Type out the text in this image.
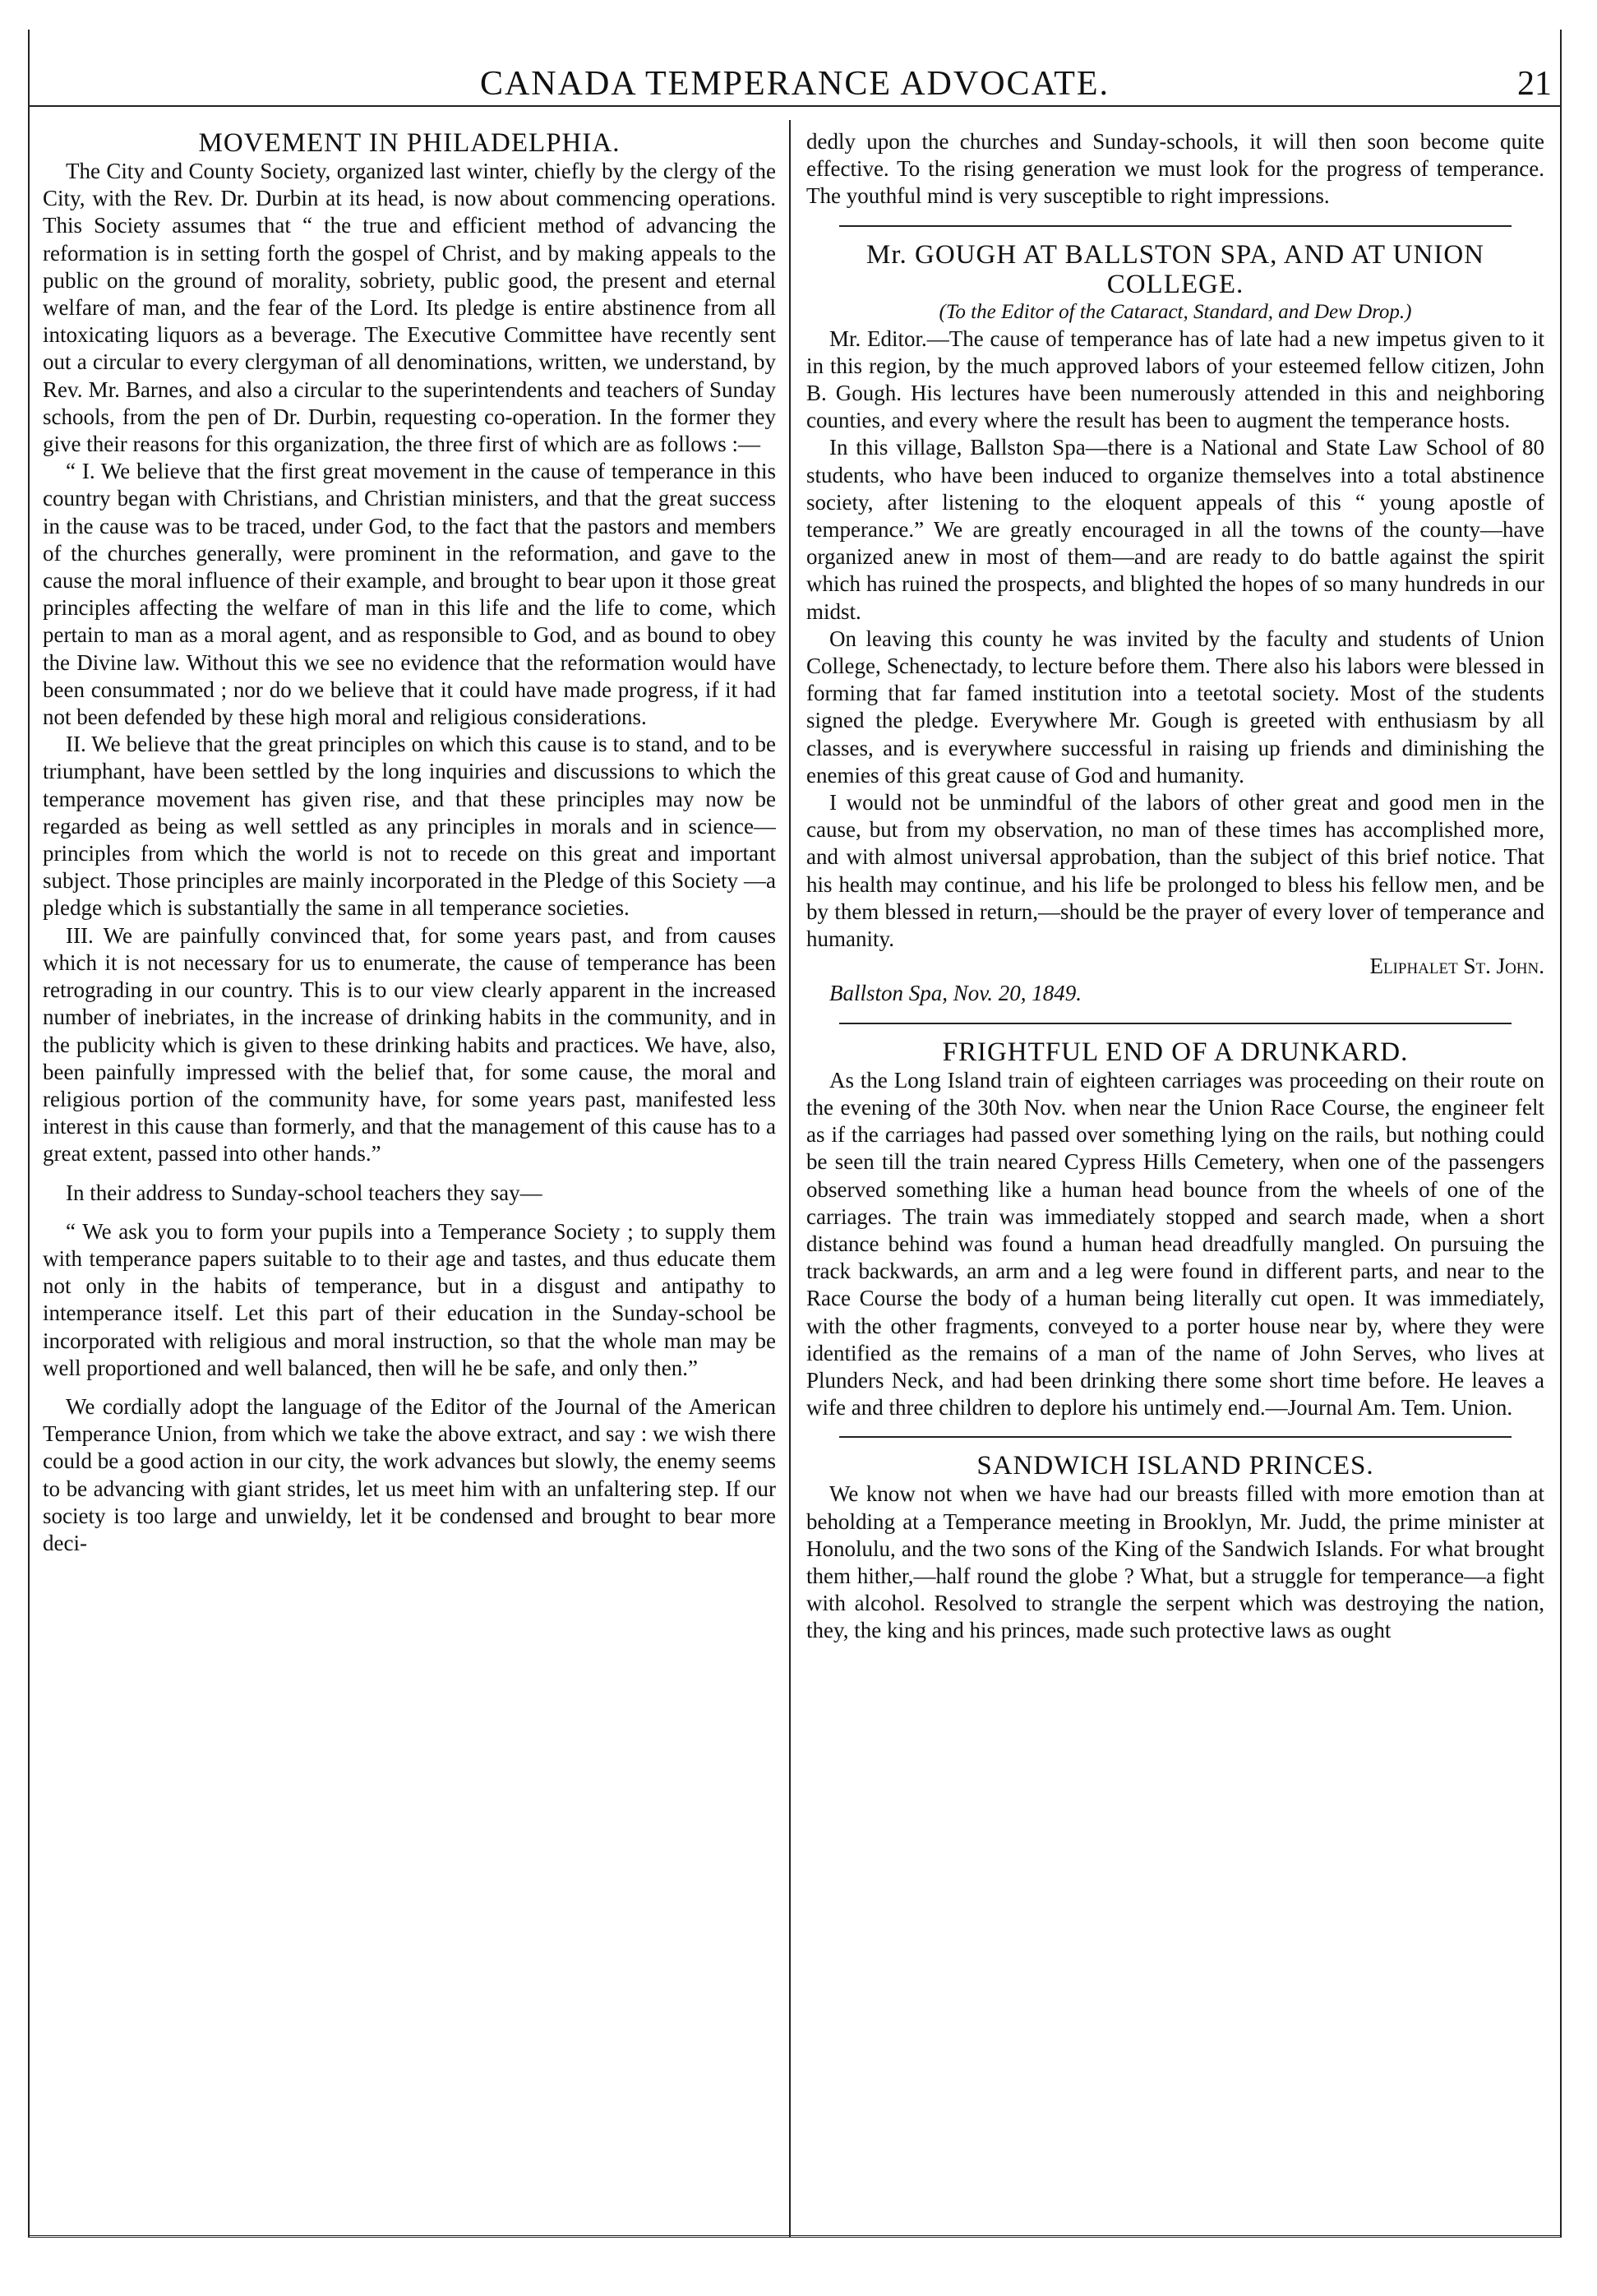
CANADA TEMPERANCE ADVOCATE.	21
MOVEMENT IN PHILADELPHIA.

The City and County Society, organized last winter, chiefly by the clergy of the City, with the Rev. Dr. Durbin at its head, is now about commencing operations. This Society assumes that “ the true and efficient method of advancing the reformation is in setting forth the gospel of Christ, and by making appeals to the public on the ground of morality, sobriety, public good, the present and eternal welfare of man, and the fear of the Lord. Its pledge is entire abstinence from all intoxicating liquors as a beverage. The Executive Committee have recently sent out a circular to every clergyman of all denominations, written, we understand, by Rev. Mr. Barnes, and also a circular to the superintendents and teachers of Sunday schools, from the pen of Dr. Durbin, requesting co-operation. In the former they give their reasons for this organization, the three first of which are as follows :—

“ I. We believe that the first great movement in the cause of temperance in this country began with Christians, and Christian ministers, and that the great success in the cause was to be traced, under God, to the fact that the pastors and members of the churches generally, were prominent in the reformation, and gave to the cause the moral influence of their example, and brought to bear upon it those great principles affecting the welfare of man in this life and the life to come, which pertain to man as a moral agent, and as responsible to God, and as bound to obey the Divine law. Without this we see no evidence that the reformation would have been consummated ; nor do we believe that it could have made progress, if it had not been defended by these high moral and religious considerations.

II. We believe that the great principles on which this cause is to stand, and to be triumphant, have been settled by the long inquiries and discussions to which the temperance movement has given rise, and that these principles may now be regarded as being as well settled as any principles in morals and in science—principles from which the world is not to recede on this great and important subject. Those principles are mainly incorporated in the Pledge of this Society —a pledge which is substantially the same in all temperance societies.

III. We are painfully convinced that, for some years past, and from causes which it is not necessary for us to enumerate, the cause of temperance has been retrograding in our country. This is to our view clearly apparent in the increased number of inebriates, in the increase of drinking habits in the community, and in the publicity which is given to these drinking habits and practices. We have, also, been painfully impressed with the belief that, for some cause, the moral and religious portion of the community have, for some years past, manifested less interest in this cause than formerly, and that the management of this cause has to a great extent, passed into other hands.”

In their address to Sunday-school teachers they say—

“ We ask you to form your pupils into a Temperance Society ; to supply them with temperance papers suitable to to their age and tastes, and thus educate them not only in the habits of temperance, but in a disgust and antipathy to intemperance itself. Let this part of their education in the Sunday-school be incorporated with religious and moral instruction, so that the whole man may be well proportioned and well balanced, then will he be safe, and only then.”

We cordially adopt the language of the Editor of the Journal of the American Temperance Union, from which we take the above extract, and say : we wish there could be a good action in our city, the work advances but slowly, the enemy seems to be advancing with giant strides, let us meet him with an unfaltering step. If our society is too large and unwieldy, let it be condensed and brought to bear more deci-

dedly upon the churches and Sunday-schools, it will then soon become quite effective. To the rising generation we must look for the progress of temperance. The youthful mind is very susceptible to right impressions.

Mr. GOUGH AT BALLSTON SPA, AND AT UNION COLLEGE.
(To the Editor of the Cataract, Standard, and Dew Drop.)

Mr. Editor.—The cause of temperance has of late had a new impetus given to it in this region, by the much approved labors of your esteemed fellow citizen, John B. Gough. His lectures have been numerously attended in this and neighboring counties, and every where the result has been to augment the temperance hosts.

In this village, Ballston Spa—there is a National and State Law School of 80 students, who have been induced to organize themselves into a total abstinence society, after listening to the eloquent appeals of this “ young apostle of temperance.” We are greatly encouraged in all the towns of the county—have organized anew in most of them—and are ready to do battle against the spirit which has ruined the prospects, and blighted the hopes of so many hundreds in our midst.

On leaving this county he was invited by the faculty and students of Union College, Schenectady, to lecture before them. There also his labors were blessed in forming that far famed institution into a teetotal society. Most of the students signed the pledge. Everywhere Mr. Gough is greeted with enthusiasm by all classes, and is everywhere successful in raising up friends and diminishing the enemies of this great cause of God and humanity.

I would not be unmindful of the labors of other great and good men in the cause, but from my observation, no man of these times has accomplished more, and with almost universal approbation, than the subject of this brief notice. That his health may continue, and his life be prolonged to bless his fellow men, and be by them blessed in return,—should be the prayer of every lover of temperance and humanity.

Eliphalet St. John.
Ballston Spa, Nov. 20, 1849.
FRIGHTFUL END OF A DRUNKARD.

As the Long Island train of eighteen carriages was proceeding on their route on the evening of the 30th Nov. when near the Union Race Course, the engineer felt as if the carriages had passed over something lying on the rails, but nothing could be seen till the train neared Cypress Hills Cemetery, when one of the passengers observed something like a human head bounce from the wheels of one of the carriages. The train was immediately stopped and search made, when a short distance behind was found a human head dreadfully mangled. On pursuing the track backwards, an arm and a leg were found in different parts, and near to the Race Course the body of a human being literally cut open. It was immediately, with the other fragments, conveyed to a porter house near by, where they were identified as the remains of a man of the name of John Serves, who lives at Plunders Neck, and had been drinking there some short time before. He leaves a wife and three children to deplore his untimely end.—Journal Am. Tem. Union.

SANDWICH ISLAND PRINCES.

We know not when we have had our breasts filled with more emotion than at beholding at a Temperance meeting in Brooklyn, Mr. Judd, the prime minister at Honolulu, and the two sons of the King of the Sandwich Islands. For what brought them hither,—half round the globe ? What, but a struggle for temperance—a fight with alcohol. Resolved to strangle the serpent which was destroying the nation, they, the king and his princes, made such protective laws as ought
